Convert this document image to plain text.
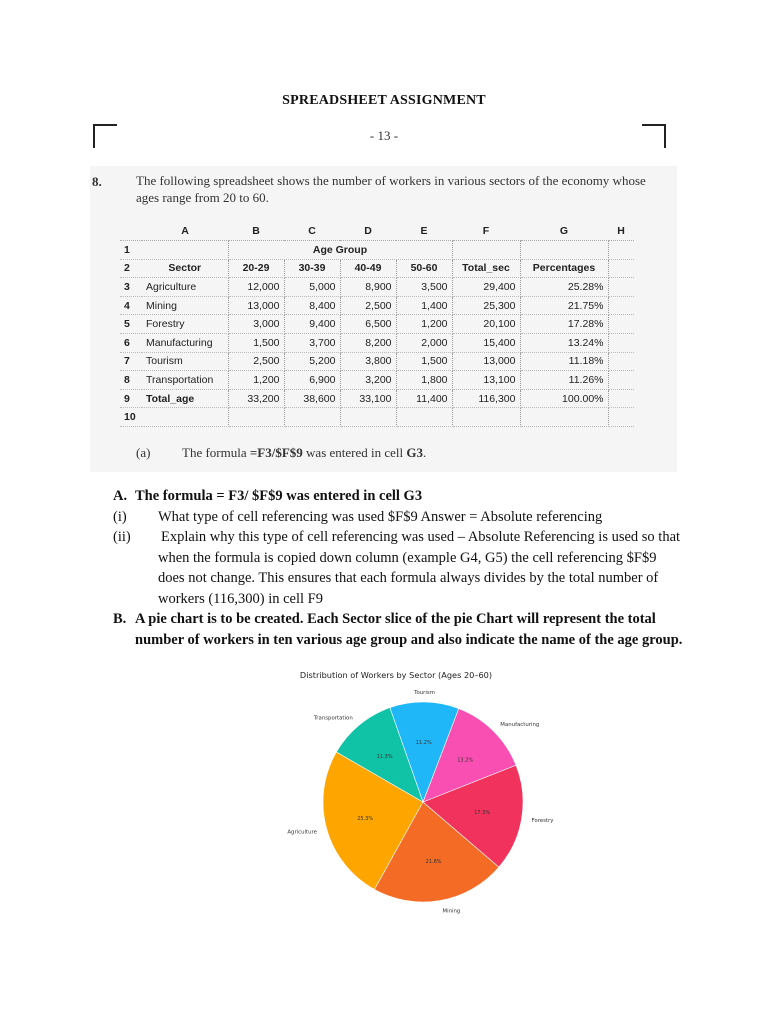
SPREADSHEET ASSIGNMENT
- 13 -
8.	The following spreadsheet shows the number of workers in various sectors of the economy whose ages range from 20 to 60.
	A	B	C	D	E	F	G	H
1		Age Group						
2	Sector	20-29	30-39	40-49	50-60	Total_sec	Percentages	
3	Agriculture	12,000	5,000	8,900	3,500	29,400	25.28%	
4	Mining	13,000	8,400	2,500	1,400	25,300	21.75%	
5	Forestry	3,000	9,400	6,500	1,200	20,100	17.28%	
6	Manufacturing	1,500	3,700	8,200	2,000	15,400	13.24%	
7	Tourism	2,500	5,200	3,800	1,500	13,000	11.18%	
8	Transportation	1,200	6,900	3,200	1,800	13,100	11.26%	
9	Total_age	33,200	38,600	33,100	11,400	116,300	100.00%	
10								
(a) The formula =F3/$F$9 was entered in cell G3.
A. The formula = F3/ $F$9 was entered in cell G3
(i) What type of cell referencing was used $F$9 Answer = Absolute referencing
(ii) Explain why this type of cell referencing was used – Absolute Referencing is used so that when the formula is copied down column (example G4, G5) the cell referencing $F$9 does not change. This ensures that each formula always divides by the total number of workers (116,300) in cell F9
B. A pie chart is to be created. Each Sector slice of the pie Chart will represent the total number of workers in ten various age group and also indicate the name of the age group.
Distribution of Workers by Sector (Ages 20–60)
25.3%
Agriculture
21.8%
Mining
17.3%
Forestry
13.2%
Manufacturing
11.2%
Tourism
11.3%
Transportation
